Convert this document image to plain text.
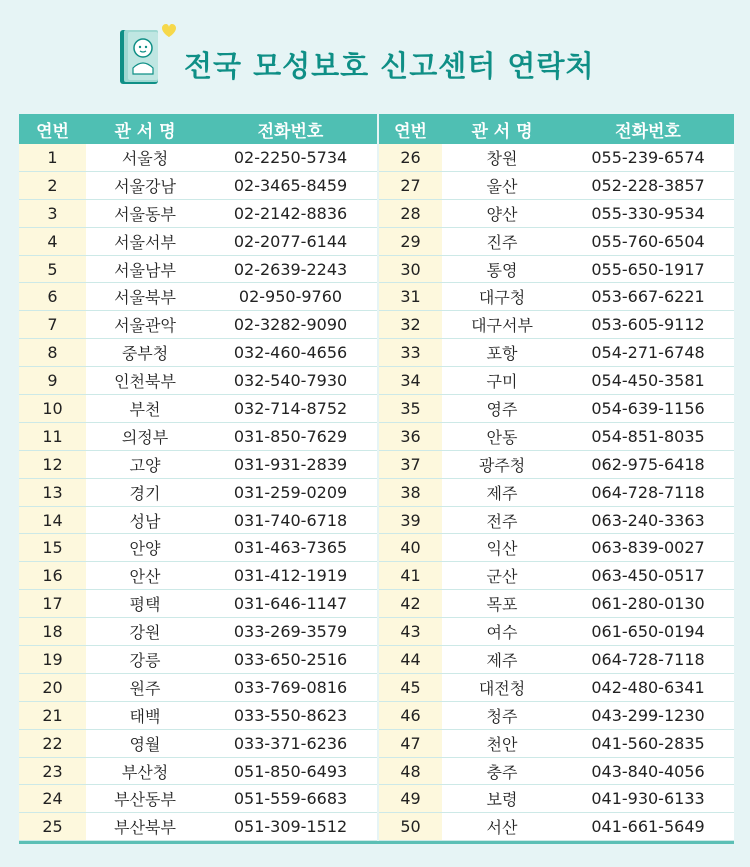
전국 모성보호 신고센터 연락처
연번	관 서 명	전화번호	연번	관 서 명	전화번호
1	서울청	02-2250-5734	26	창원	055-239-6574
2	서울강남	02-3465-8459	27	울산	052-228-3857
3	서울동부	02-2142-8836	28	양산	055-330-9534
4	서울서부	02-2077-6144	29	진주	055-760-6504
5	서울남부	02-2639-2243	30	통영	055-650-1917
6	서울북부	02-950-9760	31	대구청	053-667-6221
7	서울관악	02-3282-9090	32	대구서부	053-605-9112
8	중부청	032-460-4656	33	포항	054-271-6748
9	인천북부	032-540-7930	34	구미	054-450-3581
10	부천	032-714-8752	35	영주	054-639-1156
11	의정부	031-850-7629	36	안동	054-851-8035
12	고양	031-931-2839	37	광주청	062-975-6418
13	경기	031-259-0209	38	제주	064-728-7118
14	성남	031-740-6718	39	전주	063-240-3363
15	안양	031-463-7365	40	익산	063-839-0027
16	안산	031-412-1919	41	군산	063-450-0517
17	평택	031-646-1147	42	목포	061-280-0130
18	강원	033-269-3579	43	여수	061-650-0194
19	강릉	033-650-2516	44	제주	064-728-7118
20	원주	033-769-0816	45	대전청	042-480-6341
21	태백	033-550-8623	46	청주	043-299-1230
22	영월	033-371-6236	47	천안	041-560-2835
23	부산청	051-850-6493	48	충주	043-840-4056
24	부산동부	051-559-6683	49	보령	041-930-6133
25	부산북부	051-309-1512	50	서산	041-661-5649
